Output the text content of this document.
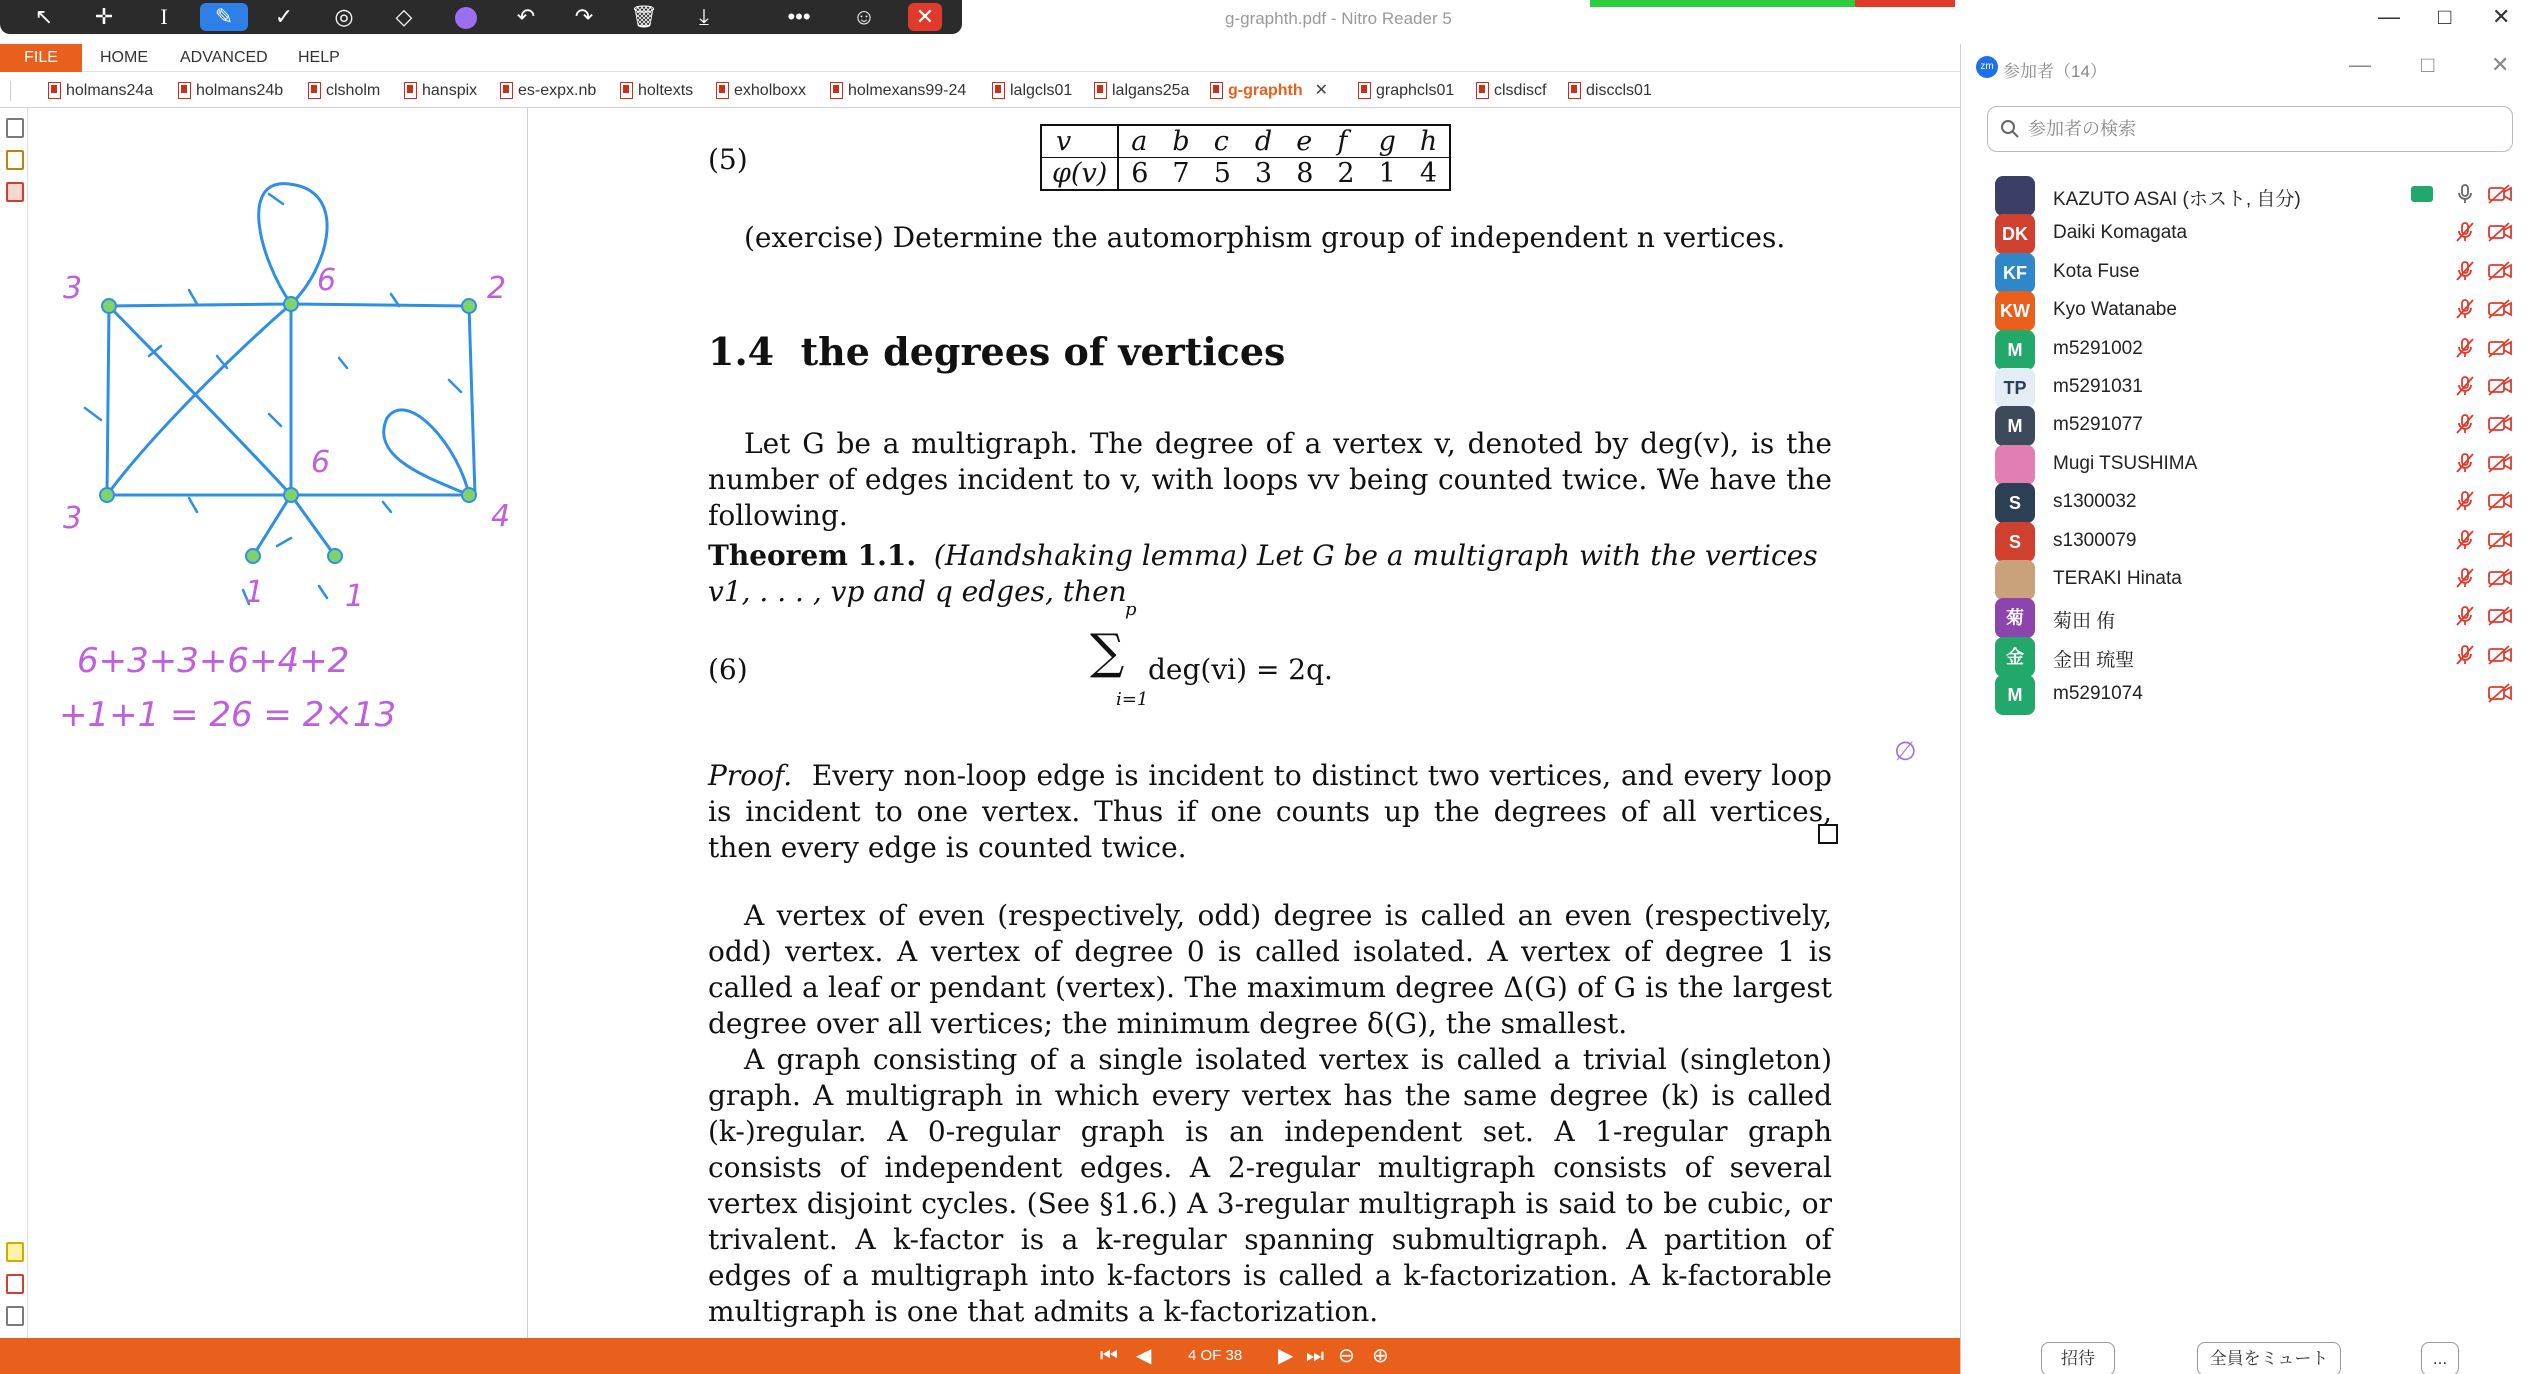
g-graphth.pdf - Nitro Reader 5
↖ ✛	I	✎	✓ ◎ ◇	↶ ↷ 🗑	⤓	••• ☺	✕
FILE	HOME ADVANCED HELP
holmans24a	holmans24b	clsholm	hanspix	es-expx.nb	holtexts	exholboxx	holmexans99-24	lalgcls01	lalgans25a	g-graphth ✕	graphcls01	clsdiscf	disccls01
3	6	2
3
6
4
1	1
6+3+3+6+4+2
+1+1 = 26 = 2×13
(5)
v	a	b	c	d	e	f	g	h
φ(v)	6	7	5	3	8	2	1	4
(exercise) Determine the automorphism group of independent n vertices.
1.4 the degrees of vertices
Let G be a multigraph. The degree of a vertex v, denoted by deg(v), is the number of edges incident to v, with loops vv being counted twice. We have the following.
Theorem 1.1. (Handshaking lemma) Let G be a multigraph with the vertices v1, . . . , vp and q edges, then
(6)	∑
p
i=1
deg(vi) = 2q.
Proof. Every non-loop edge is incident to distinct two vertices, and every loop is incident to one vertex. Thus if one counts up the degrees of all vertices, then every edge is counted twice.
A vertex of even (respectively, odd) degree is called an even (respectively, odd) vertex. A vertex of degree 0 is called isolated. A vertex of degree 1 is called a leaf or pendant (vertex). The maximum degree Δ(G) of G is the largest degree over all vertices; the minimum degree δ(G), the smallest.
A graph consisting of a single isolated vertex is called a trivial (singleton) graph. A multigraph in which every vertex has the same degree (k) is called (k-)regular. A 0-regular graph is an independent set. A 1-regular graph consists of independent edges. A 2-regular multigraph consists of several vertex disjoint cycles. (See §1.6.) A 3-regular multigraph is said to be cubic, or trivalent. A k-factor is a k-regular spanning submultigraph. A partition of edges of a multigraph into k-factors is called a k-factorization. A k-factorable multigraph is one that admits a k-factorization.
∅
⏮ ◀ 4 OF 38 ▶ ⏭ ⊖ ⊕
— □ ✕
zm 参加者（14）	— □	✕
参加者の検索
KAZUTO ASAI (ホスト, 自分)
DK	Daiki Komagata
KF	Kota Fuse
KW Kyo Watanabe
M	m5291002
TP	m5291031
M	m5291077
Mugi TSUSHIMA
S	s1300032
S	s1300079
TERAKI Hinata
菊	菊田 侑
金	金田 琉聖
M	m5291074
招待	全員をミュート	...
